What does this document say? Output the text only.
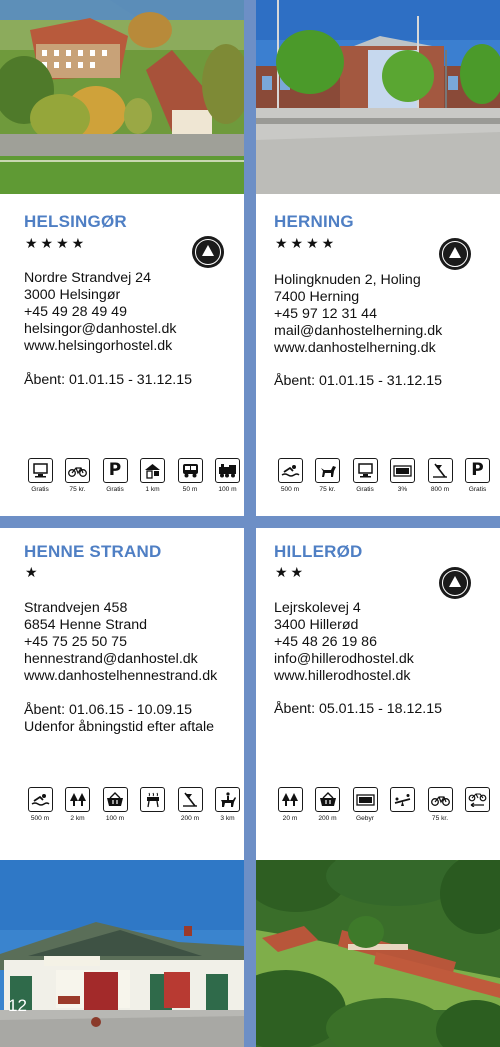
HELSINGØR
★★★★
Nordre Strandvej 24
3000 Helsingør
+45 49 28 49 49
helsingor@danhostel.dk
www.helsingorhostel.dk
Åbent: 01.01.15 - 31.12.15
Gratis	75 kr.
P
Gratis	1 km	50 m	100 m
HERNING
★★★★
Holingknuden 2, Holing
7400 Herning
+45 97 12 31 44
mail@danhostelherning.dk
www.danhostelherning.dk
Åbent: 01.01.15 - 31.12.15
500 m	75 kr.	Gratis	3%	800 m
P
Gratis
HENNE STRAND
★
Strandvejen 458
6854 Henne Strand
+45 75 25 50 75
hennestrand@danhostel.dk
www.danhostelhennestrand.dk
Åbent: 01.06.15 - 10.09.15 Udenfor åbningstid efter aftale
500 m	2 km	100 m	200 m	3 km
HILLERØD
★★
Lejrskolevej 4
3400 Hillerød
+45 48 26 19 86
info@hillerodhostel.dk
www.hillerodhostel.dk
Åbent: 05.01.15 - 18.12.15
20 m	200 m	Gebyr	75 kr.
12
